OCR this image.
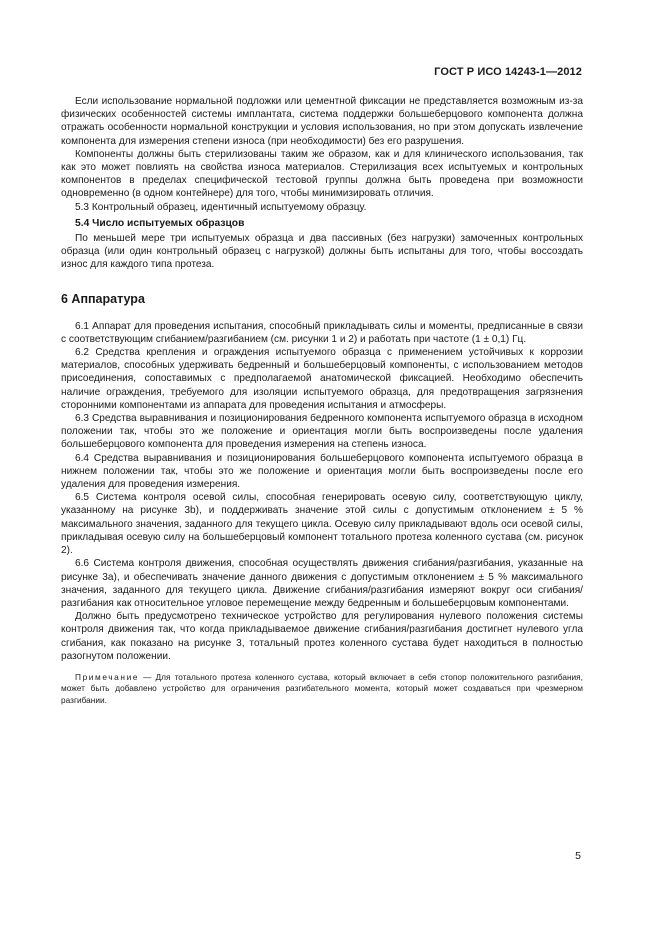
ГОСТ Р ИСО 14243-1—2012

Если использование нормальной подложки или цементной фиксации не представляется возможным из-за физических особенностей системы имплантата, система поддержки большеберцового компонента должна отражать особенности нормальной конструкции и условия использования, но при этом допускать извлечение компонента для измерения степени износа (при необходимости) без его разрушения.

Компоненты должны быть стерилизованы таким же образом, как и для клинического использования, так как это может повлиять на свойства износа материалов. Стерилизация всех испытуемых и контрольных компонентов в пределах специфической тестовой группы должна быть проведена при возможности одновременно (в одном контейнере) для того, чтобы минимизировать отличия.

5.3 Контрольный образец, идентичный испытуемому образцу.

5.4 Число испытуемых образцов

По меньшей мере три испытуемых образца и два пассивных (без нагрузки) замоченных контрольных образца (или один контрольный образец с нагрузкой) должны быть испытаны для того, чтобы воссоздать износ для каждого типа протеза.

6 Аппаратура

6.1 Аппарат для проведения испытания, способный прикладывать силы и моменты, предписанные в связи с соответствующим сгибанием/разгибанием (см. рисунки 1 и 2) и работать при частоте (1 ± 0,1) Гц.

6.2 Средства крепления и ограждения испытуемого образца с применением устойчивых к коррозии материалов, способных удерживать бедренный и большеберцовый компоненты, с использованием методов присоединения, сопоставимых с предполагаемой анатомической фиксацией. Необходимо обеспечить наличие ограждения, требуемого для изоляции испытуемого образца, для предотвращения загрязнения сторонними компонентами из аппарата для проведения испытания и атмосферы.

6.3 Средства выравнивания и позиционирования бедренного компонента испытуемого образца в исходном положении так, чтобы это же положение и ориентация могли быть воспроизведены после удаления большеберцового компонента для проведения измерения на степень износа.

6.4 Средства выравнивания и позиционирования большеберцового компонента испытуемого образца в нижнем положении так, чтобы это же положение и ориентация могли быть воспроизведены после его удаления для проведения измерения.

6.5 Система контроля осевой силы, способная генерировать осевую силу, соответствующую циклу, указанному на рисунке 3b), и поддерживать значение этой силы с допустимым отклонением ± 5 % максимального значения, заданного для текущего цикла. Осевую силу прикладывают вдоль оси осевой силы, прикладывая осевую силу на большеберцовый компонент тотального протеза коленного сустава (см. рисунок 2).

6.6 Система контроля движения, способная осуществлять движения сгибания/разгибания, указанные на рисунке 3а), и обеспечивать значение данного движения с допустимым отклонением ± 5 % максимального значения, заданного для текущего цикла. Движение сгибания/разгибания измеряют вокруг оси сгибания/разгибания как относительное угловое перемещение между бедренным и большеберцовым компонентами.

Должно быть предусмотрено техническое устройство для регулирования нулевого положения системы контроля движения так, что когда прикладываемое движение сгибания/разгибания достигнет нулевого угла сгибания, как показано на рисунке 3, тотальный протез коленного сустава будет находиться в полностью разогнутом положении.

Примечание — Для тотального протеза коленного сустава, который включает в себя стопор положительного разгибания, может быть добавлено устройство для ограничения разгибательного момента, который может создаваться при чрезмерном разгибании.

5
